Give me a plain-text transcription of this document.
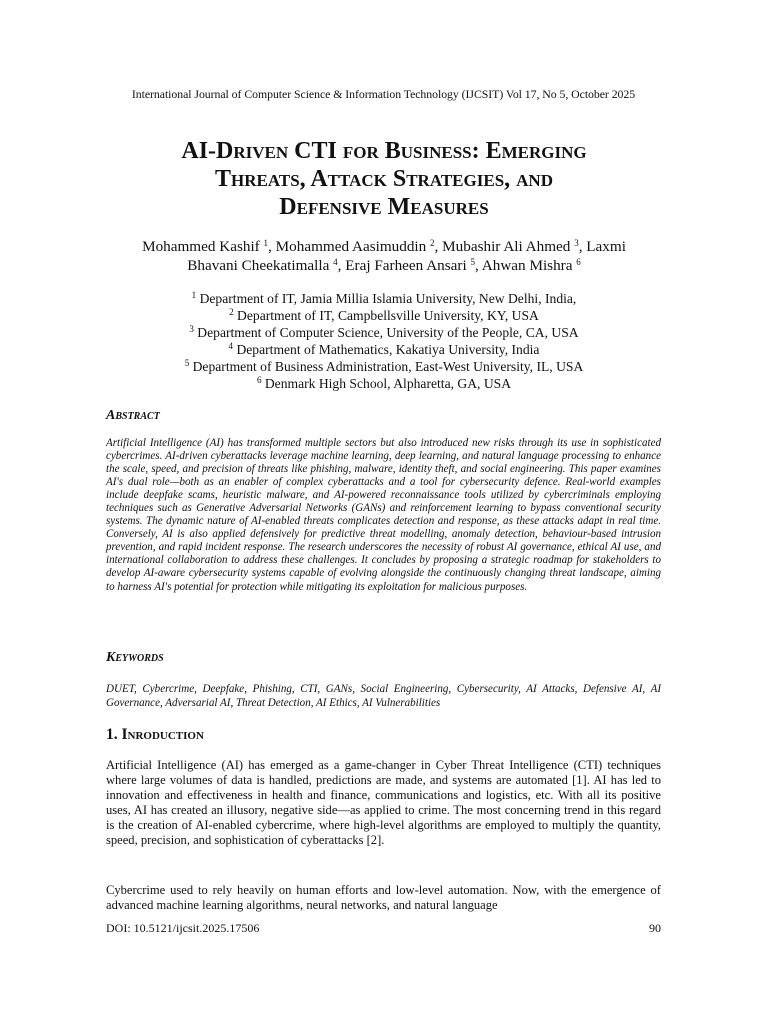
International Journal of Computer Science & Information Technology (IJCSIT) Vol 17, No 5, October 2025
AI-Driven CTI for Business: Emerging
Threats, Attack Strategies, and
Defensive Measures
Mohammed Kashif $^1$, Mohammed Aasimuddin $^2$, Mubashir Ali Ahmed $^3$, Laxmi
Bhavani Cheekatimalla $^4$, Eraj Farheen Ansari $^5$, Ahwan Mishra $^6$
$^1$ Department of IT, Jamia Millia Islamia University, New Delhi, India,
$^2$ Department of IT, Campbellsville University, KY, USA
$^3$ Department of Computer Science, University of the People, CA, USA
$^4$ Department of Mathematics, Kakatiya University, India
$^5$ Department of Business Administration, East-West University, IL, USA
$^6$ Denmark High School, Alpharetta, GA, USA
Abstract

Artificial Intelligence (AI) has transformed multiple sectors but also introduced new risks through its use in sophisticated cybercrimes. AI-driven cyberattacks leverage machine learning, deep learning, and natural language processing to enhance the scale, speed, and precision of threats like phishing, malware, identity theft, and social engineering. This paper examines AI's dual role—both as an enabler of complex cyberattacks and a tool for cybersecurity defence. Real-world examples include deepfake scams, heuristic malware, and AI-powered reconnaissance tools utilized by cybercriminals employing techniques such as Generative Adversarial Networks (GANs) and reinforcement learning to bypass conventional security systems. The dynamic nature of AI-enabled threats complicates detection and response, as these attacks adapt in real time. Conversely, AI is also applied defensively for predictive threat modelling, anomaly detection, behaviour-based intrusion prevention, and rapid incident response. The research underscores the necessity of robust AI governance, ethical AI use, and international collaboration to address these challenges. It concludes by proposing a strategic roadmap for stakeholders to develop AI-aware cybersecurity systems capable of evolving alongside the continuously changing threat landscape, aiming to harness AI's potential for protection while mitigating its exploitation for malicious purposes.

Keywords

DUET, Cybercrime, Deepfake, Phishing, CTI, GANs, Social Engineering, Cybersecurity, AI Attacks, Defensive AI, AI Governance, Adversarial AI, Threat Detection, AI Ethics, AI Vulnerabilities

1. Inroduction

Artificial Intelligence (AI) has emerged as a game-changer in Cyber Threat Intelligence (CTI) techniques where large volumes of data is handled, predictions are made, and systems are automated [1]. AI has led to innovation and effectiveness in health and finance, communications and logistics, etc. With all its positive uses, AI has created an illusory, negative side—as applied to crime. The most concerning trend in this regard is the creation of AI-enabled cybercrime, where high-level algorithms are employed to multiply the quantity, speed, precision, and sophistication of cyberattacks [2].

Cybercrime used to rely heavily on human efforts and low-level automation. Now, with the emergence of advanced machine learning algorithms, neural networks, and natural language

DOI: 10.5121/ijcsit.2025.17506	90
